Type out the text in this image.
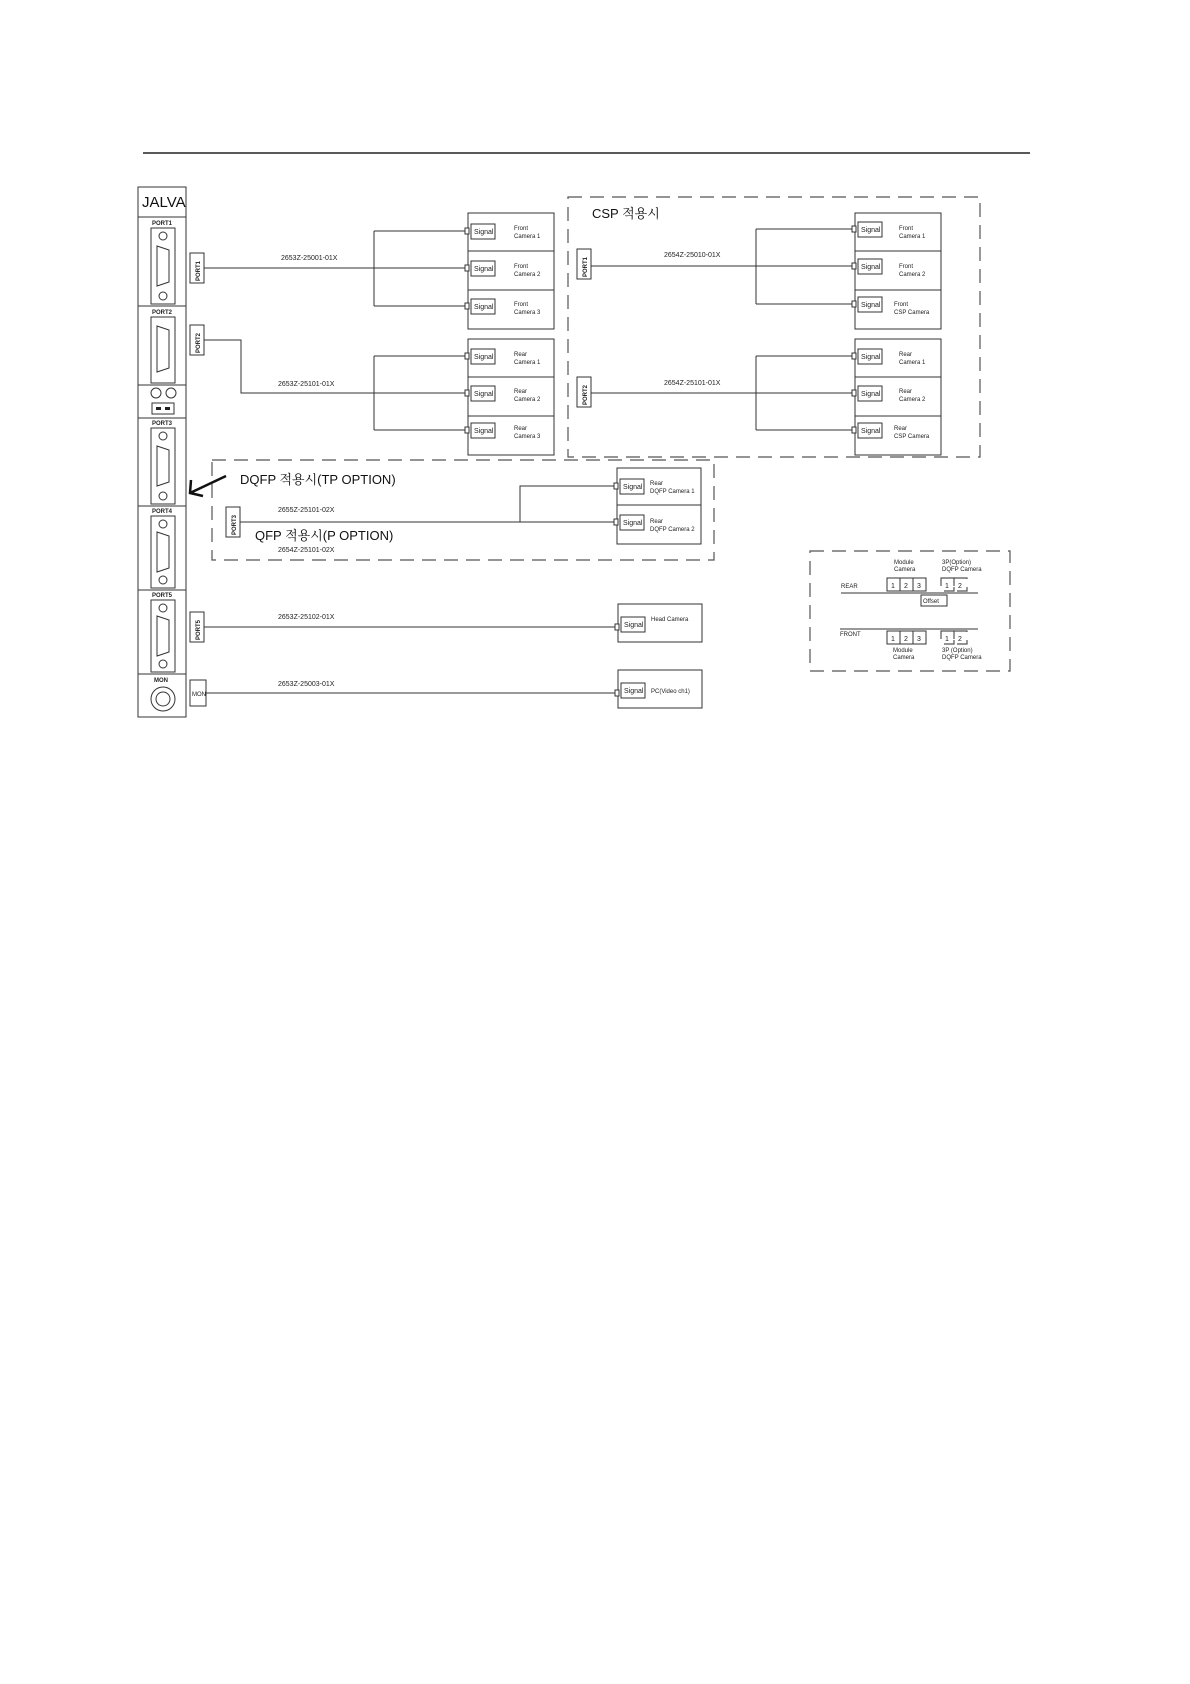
JALVA
PORT1
PORT2
PORT3
PORT4
PORT5
MON
PORT1
PORT2
PORT3
PORT5
MON
2653Z-25001-01X
Signal	Front
Camera 1
Signal	Front
Camera 2
Signal	Front
Camera 3
2653Z-25101-01X
Signal	Rear
Camera 1
Signal	Rear
Camera 2
Signal	Rear
Camera 3
CSP 적용시
PORT1
2654Z-25010-01X
Signal	Front
Camera 1
Signal	Front
Camera 2
Signal Front
CSP Camera
PORT2
2654Z-25101-01X
Signal	Rear
Camera 1
Signal	Rear
Camera 2
Signal Rear
CSP Camera
DQFP 적용시(TP OPTION)
QFP 적용시(P OPTION)
2655Z-25101-02X
2654Z-25101-02X
Signal Rear
DQFP Camera 1
Signal Rear
DQFP Camera 2
2653Z-25102-01X
Signal
Head Camera
2653Z-25003-01X
Signal PC(Video ch1)
Module
Camera
3P(Option)
DQFP Camera
REAR	1 2 3	1 2
Offset
FRONT
1 2 3	1 2
Module
Camera
3P (Option)
DQFP Camera
